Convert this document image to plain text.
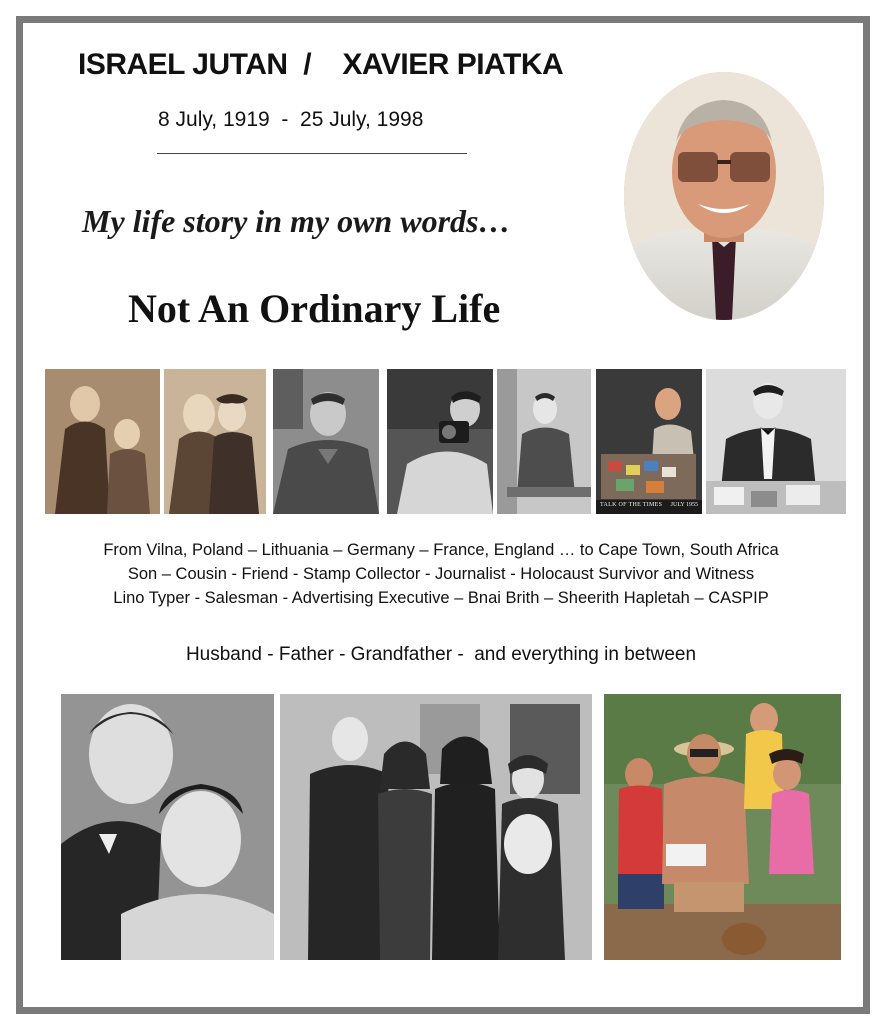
ISRAEL JUTAN  /    XAVIER PIATKA
8 July, 1919  -  25 July, 1998
My life story in my own words…
Not An Ordinary Life
TALK OF THE TIMES JULY 1955
From Vilna, Poland – Lithuania – Germany – France, England … to Cape Town, South Africa
Son – Cousin - Friend - Stamp Collector - Journalist - Holocaust Survivor and Witness
Lino Typer - Salesman - Advertising Executive – Bnai Brith – Sheerith Hapletah – CASPIP
Husband - Father - Grandfather -  and everything in between
